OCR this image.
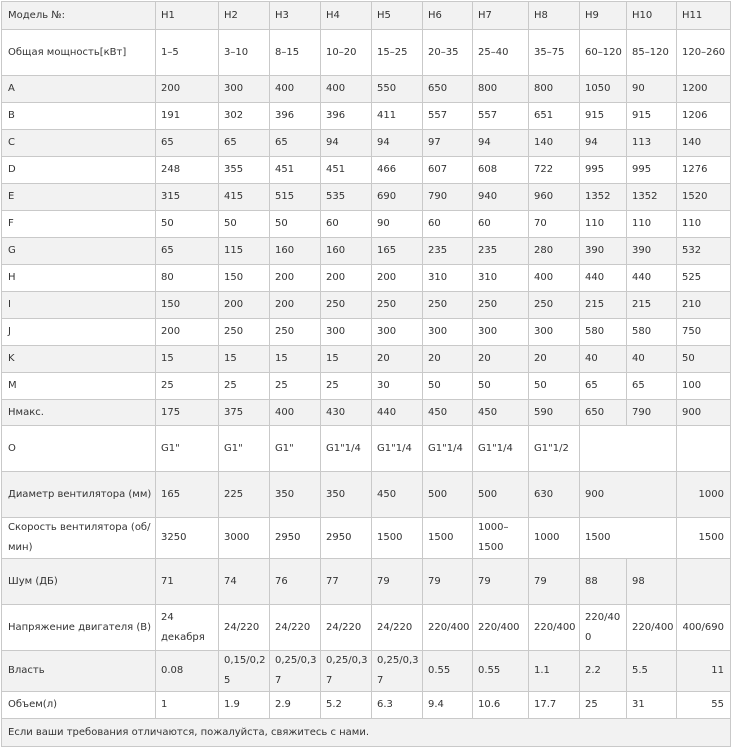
Модель №:	H1	H2	H3	H4	H5	H6	H7	H8	H9	H10	H11
Общая мощность[кВт]	1–5	3–10	8–15	10–20	15–25	20–35	25–40	35–75	60–120	85–120	120–260
A	200	300	400	400	550	650	800	800	1050	90	1200
B	191	302	396	396	411	557	557	651	915	915	1206
C	65	65	65	94	94	97	94	140	94	113	140
D	248	355	451	451	466	607	608	722	995	995	1276
E	315	415	515	535	690	790	940	960	1352	1352	1520
F	50	50	50	60	90	60	60	70	110	110	110
G	65	115	160	160	165	235	235	280	390	390	532
H	80	150	200	200	200	310	310	400	440	440	525
I	150	200	200	250	250	250	250	250	215	215	210
J	200	250	250	300	300	300	300	300	580	580	750
K	15	15	15	15	20	20	20	20	40	40	50
M	25	25	25	25	30	50	50	50	65	65	100
Hмакс.	175	375	400	430	440	450	450	590	650	790	900
O	G1"	G1"	G1"	G1"1/4	G1"1/4	G1"1/4	G1"1/4	G1"1/2			
Диаметр вентилятора (мм)	165	225	350	350	450	500	500	630	900		1000
Скорость вентилятора (об/мин)	3250	3000	2950	2950	1500	1500	1000–1500	1000	1500		1500
Шум (ДБ)	71	74	76	77	79	79	79	79	88	98	
Напряжение двигателя (В)	24 декабря	24/220	24/220	24/220	24/220	220/400	220/400	220/400	220/400	220/400	400/690
Власть	0.08	0,15/0,25	0,25/0,37	0,25/0,37	0,25/0,37	0.55	0.55	1.1	2.2	5.5	11
Объем(л)	1	1.9	2.9	5.2	6.3	9.4	10.6	17.7	25	31	55
Если ваши требования отличаются, пожалуйста, свяжитесь с нами.											
